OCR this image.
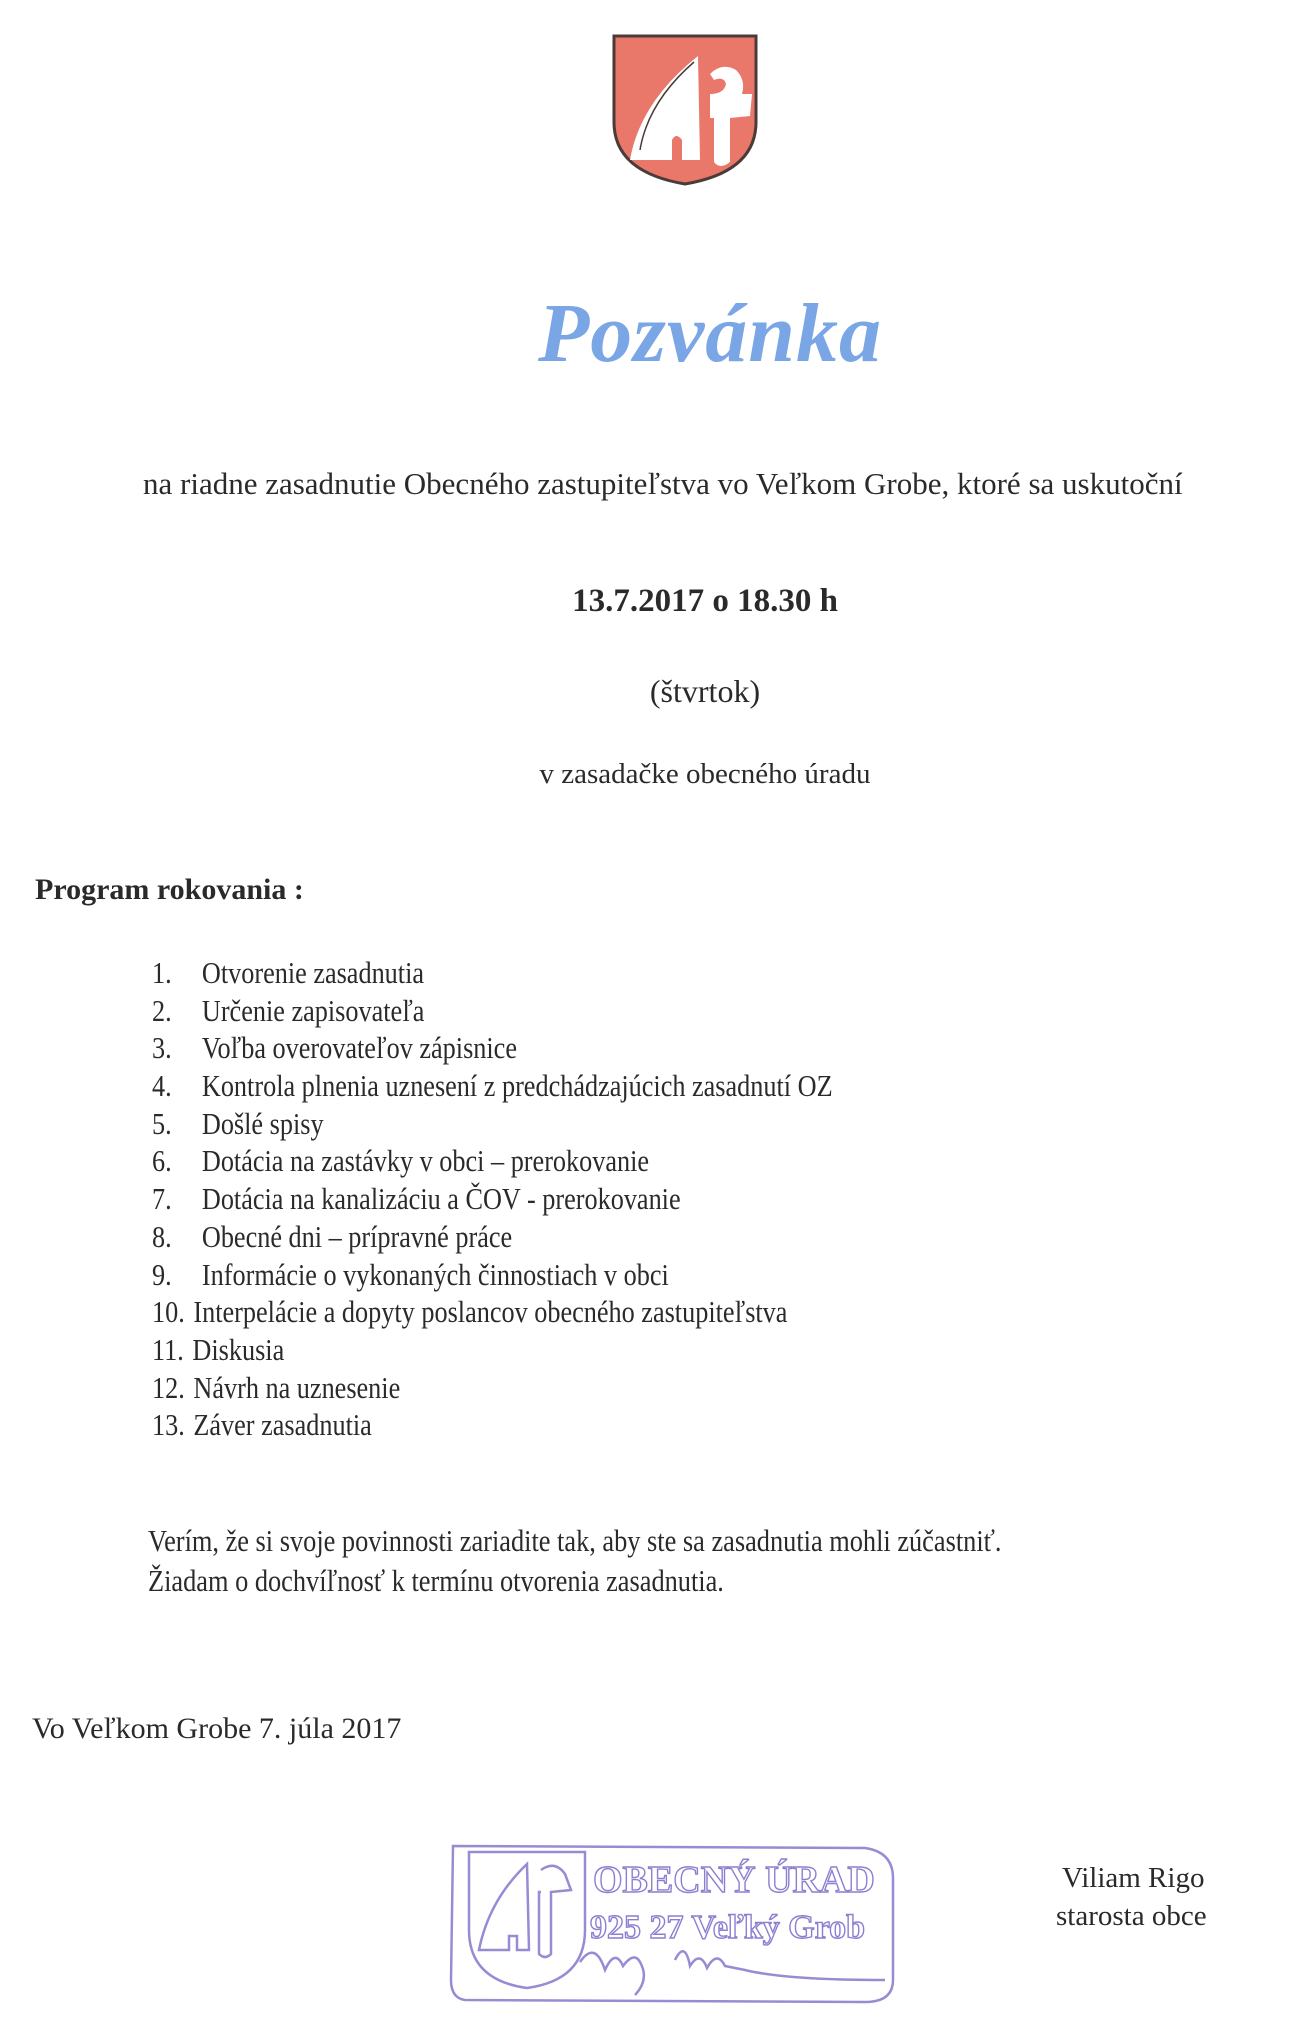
Pozvánka
na riadne zasadnutie Obecného zastupiteľstva vo Veľkom Grobe, ktoré sa uskutoční
13.7.2017 o 18.30 h
(štvrtok)
v zasadačke obecného úradu
Program rokovania :
1. Otvorenie zasadnutia
2. Určenie zapisovateľa
3. Voľba overovateľov zápisnice
4. Kontrola plnenia uznesení z predchádzajúcich zasadnutí OZ
5. Došlé spisy
6. Dotácia na zastávky v obci – prerokovanie
7. Dotácia na kanalizáciu a ČOV - prerokovanie
8. Obecné dni – prípravné práce
9. Informácie o vykonaných činnostiach v obci
10. Interpelácie a dopyty poslancov obecného zastupiteľstva
11. Diskusia
12. Návrh na uznesenie
13. Záver zasadnutia
Verím, že si svoje povinnosti zariadite tak, aby ste sa zasadnutia mohli zúčastniť.
Žiadam o dochvíľnosť k termínu otvorenia zasadnutia.
Vo Veľkom Grobe 7. júla 2017
OBECNÝ ÚRAD
925 27 Veľký Grob
Viliam Rigo
starosta obce
